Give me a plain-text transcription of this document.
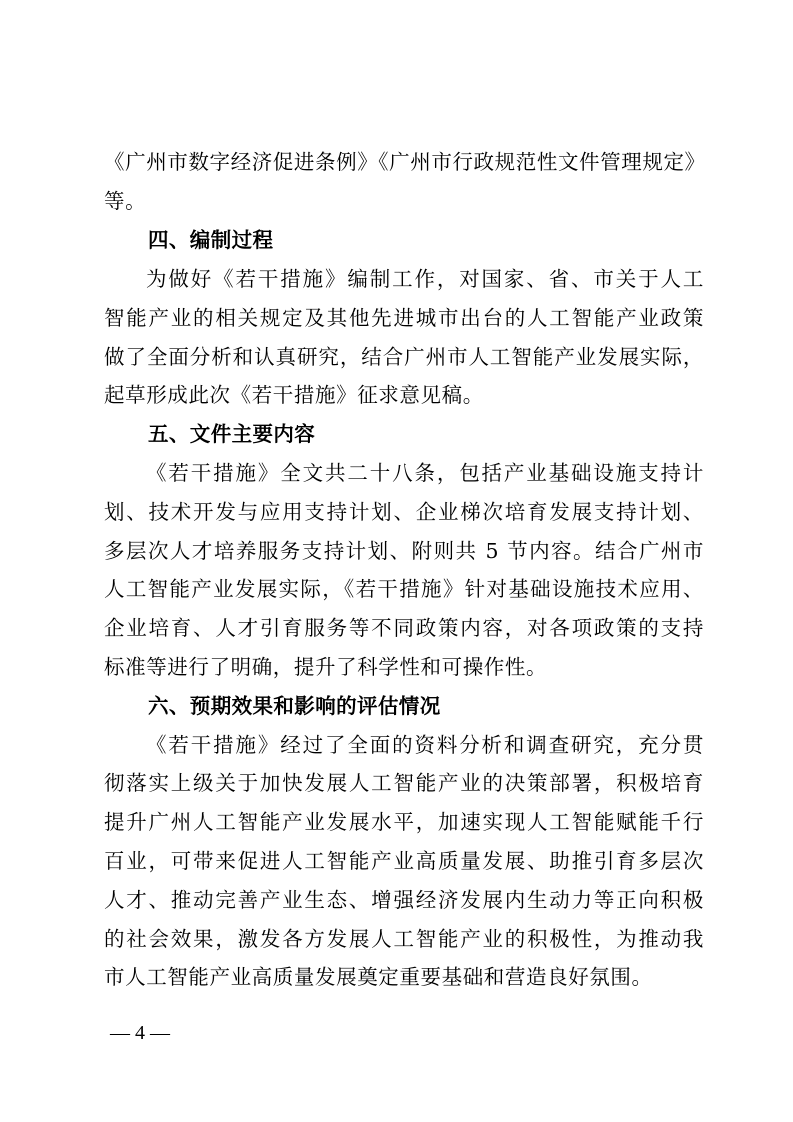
《广州市数字经济促进条例》《广州市行政规范性文件管理规定》
等。
四、编制过程
为做好《若干措施》编制工作，对国家、省、市关于人工
智能产业的相关规定及其他先进城市出台的人工智能产业政策
做了全面分析和认真研究，结合广州市人工智能产业发展实际，
起草形成此次《若干措施》征求意见稿。
五、文件主要内容
《若干措施》全文共二十八条，包括产业基础设施支持计
划、技术开发与应用支持计划、企业梯次培育发展支持计划、
多层次人才培养服务支持计划、附则共 5 节内容。结合广州市
人工智能产业发展实际，《若干措施》针对基础设施技术应用、
企业培育、人才引育服务等不同政策内容，对各项政策的支持
标准等进行了明确，提升了科学性和可操作性。
六、预期效果和影响的评估情况
《若干措施》经过了全面的资料分析和调查研究，充分贯
彻落实上级关于加快发展人工智能产业的决策部署，积极培育
提升广州人工智能产业发展水平，加速实现人工智能赋能千行
百业，可带来促进人工智能产业高质量发展、助推引育多层次
人才、推动完善产业生态、增强经济发展内生动力等正向积极
的社会效果，激发各方发展人工智能产业的积极性，为推动我
市人工智能产业高质量发展奠定重要基础和营造良好氛围。
— 4 —
